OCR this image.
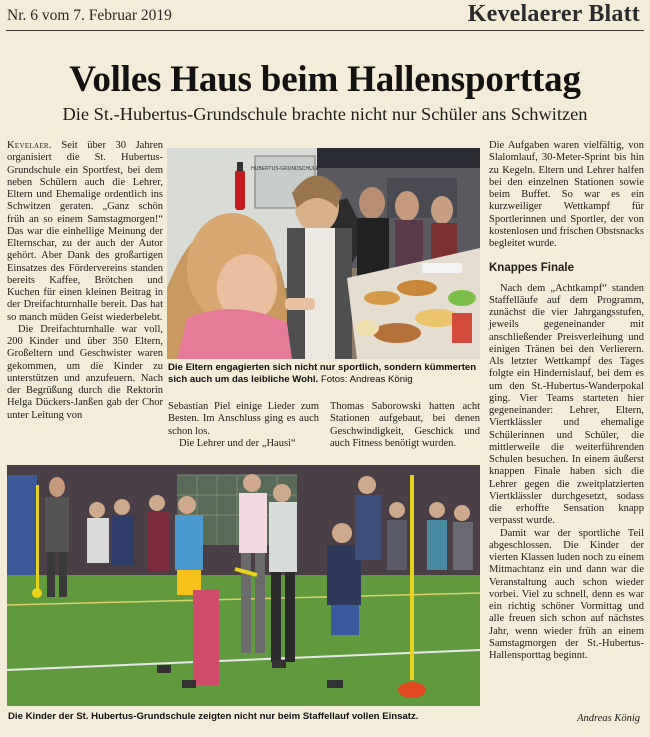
Nr. 6 vom 7. Februar 2019	Kevelaerer Blatt
Volles Haus beim Hallensporttag
Die St.-Hubertus-Grundschule brachte nicht nur Schüler ans Schwitzen

Kevelaer. Seit über 30 Jahren organisiert die St. Hubertus-Grundschule ein Sportfest, bei dem neben Schülern auch die Lehrer, Eltern und Ehemalige ordentlich ins Schwitzen geraten. „Ganz schön früh an so einem Samstagmorgen!“ Das war die einhellige Meinung der Elternschar, zu der auch der Autor gehört. Aber Dank des großartigen Einsatzes des Fördervereins standen bereits Kaffee, Brötchen und Kuchen für einen kleinen Beitrag in der Dreifachturnhalle bereit. Das hat so manch müden Geist wiederbelebt.

Die Dreifachturnhalle war voll, 200 Kinder und über 350 Eltern, Großeltern und Geschwister waren gekommen, um die Kinder zu unterstützen und anzufeuern. Nach der Begrüßung durch die Rektorin Helga Dückers-Janßen gab der Chor unter Leitung von

HUBERTUS-GRUNDSCHULE
Die Eltern engagierten sich nicht nur sportlich, sondern kümmerten sich auch um das leibliche Wohl. Fotos: Andreas König

Sebastian Piel einige Lieder zum Besten. Im Anschluss ging es auch schon los.

Die Lehrer und der „Hausi“

Thomas Saborowski hatten acht Stationen aufgebaut, bei denen Geschwindigkeit, Geschick und auch Fitness benötigt wurden.

Die Aufgaben waren vielfältig, von Slalomlauf, 30-Meter-Sprint bis hin zu Kegeln. Eltern und Lehrer halfen bei den einzelnen Stationen sowie beim Buffet. So war es ein kurzweiliger Wettkampf für Sportlerinnen und Sportler, der von kostenlosen und frischen Obstsnacks begleitet wurde.

Knappes Finale

Nach dem „Achtkampf“ standen Staffelläufe auf dem Programm, zunächst die vier Jahrgangsstufen, jeweils gegeneinander mit anschließender Preisverleihung und einigen Tränen bei den Verlierern. Als letzter Wettkampf des Tages folgte ein Hindernislauf, bei dem es um den St.-Hubertus-Wanderpokal ging. Vier Teams starteten hier gegeneinander: Lehrer, Eltern, Viertklässler und ehemalige Schülerinnen und Schüler, die mittlerweile die weiterführenden Schulen besuchen. In einem äußerst knappen Finale haben sich die Lehrer gegen die zweitplatzierten Viertklässler durchgesetzt, sodass die erhoffte Sensation knapp verpasst wurde.

Damit war der sportliche Teil abgeschlossen. Die Kinder der vierten Klassen luden noch zu einem Mitmachtanz ein und dann war die Veranstaltung auch schon wieder vorbei. Viel zu schnell, denn es war ein richtig schöner Vormittag und alle freuen sich schon auf nächstes Jahr, wenn wieder früh an einem Samstagmorgen der St.-Hubertus-Hallensporttag beginnt.

Andreas König
Die Kinder der St. Hubertus-Grundschule zeigten nicht nur beim Staffellauf vollen Einsatz.
